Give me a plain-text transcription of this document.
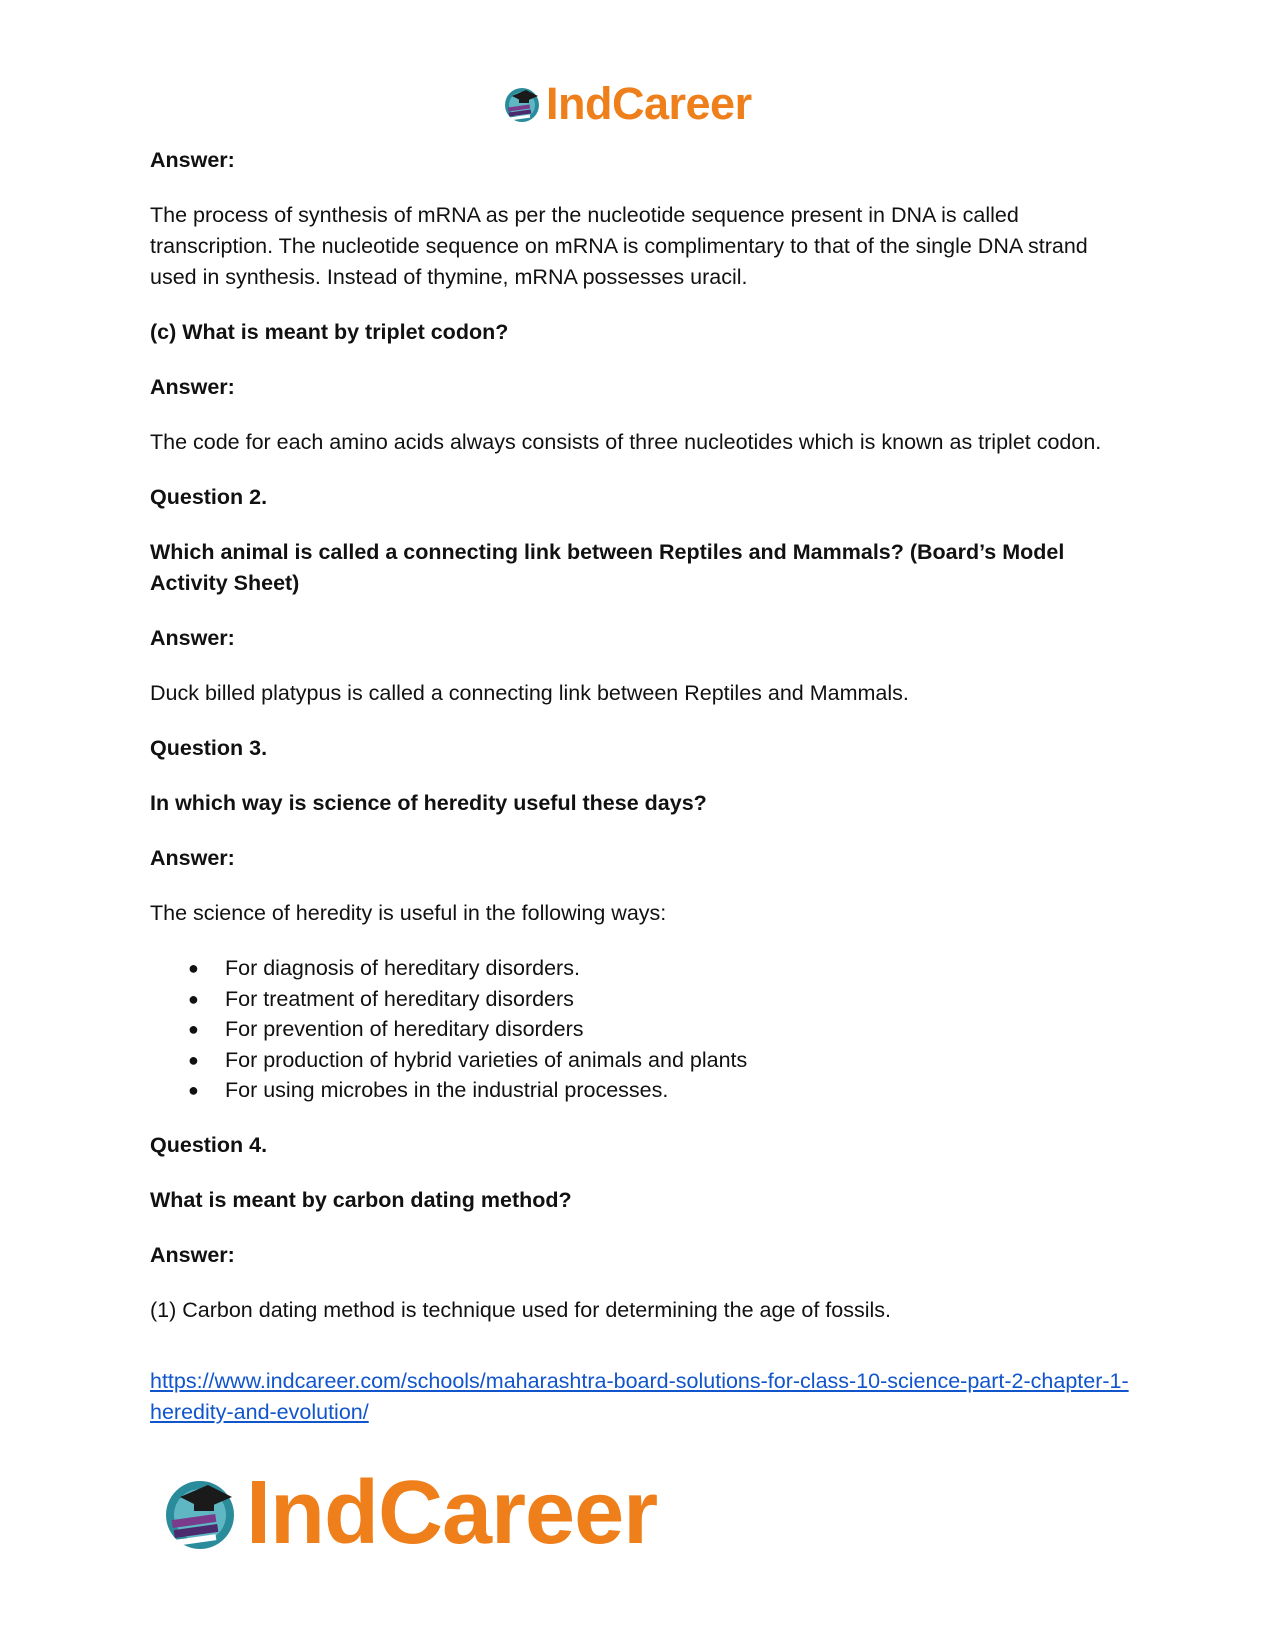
IndCareer

Answer:

The process of synthesis of mRNA as per the nucleotide sequence present in DNA is called transcription. The nucleotide sequence on mRNA is complimentary to that of the single DNA strand used in synthesis. Instead of thymine, mRNA possesses uracil.

(c) What is meant by triplet codon?

Answer:

The code for each amino acids always consists of three nucleotides which is known as triplet codon.

Question 2.

Which animal is called a connecting link between Reptiles and Mammals? (Board’s Model Activity Sheet)

Answer:

Duck billed platypus is called a connecting link between Reptiles and Mammals.

Question 3.

In which way is science of heredity useful these days?

Answer:

The science of heredity is useful in the following ways:

● For diagnosis of hereditary disorders.
● For treatment of hereditary disorders
● For prevention of hereditary disorders
● For production of hybrid varieties of animals and plants
● For using microbes in the industrial processes.

Question 4.

What is meant by carbon dating method?

Answer:

(1) Carbon dating method is technique used for determining the age of fossils.

https://www.indcareer.com/schools/maharashtra-board-solutions-for-class-10-science-part-2-chapter-1-heredity-and-evolution/
IndCareer
